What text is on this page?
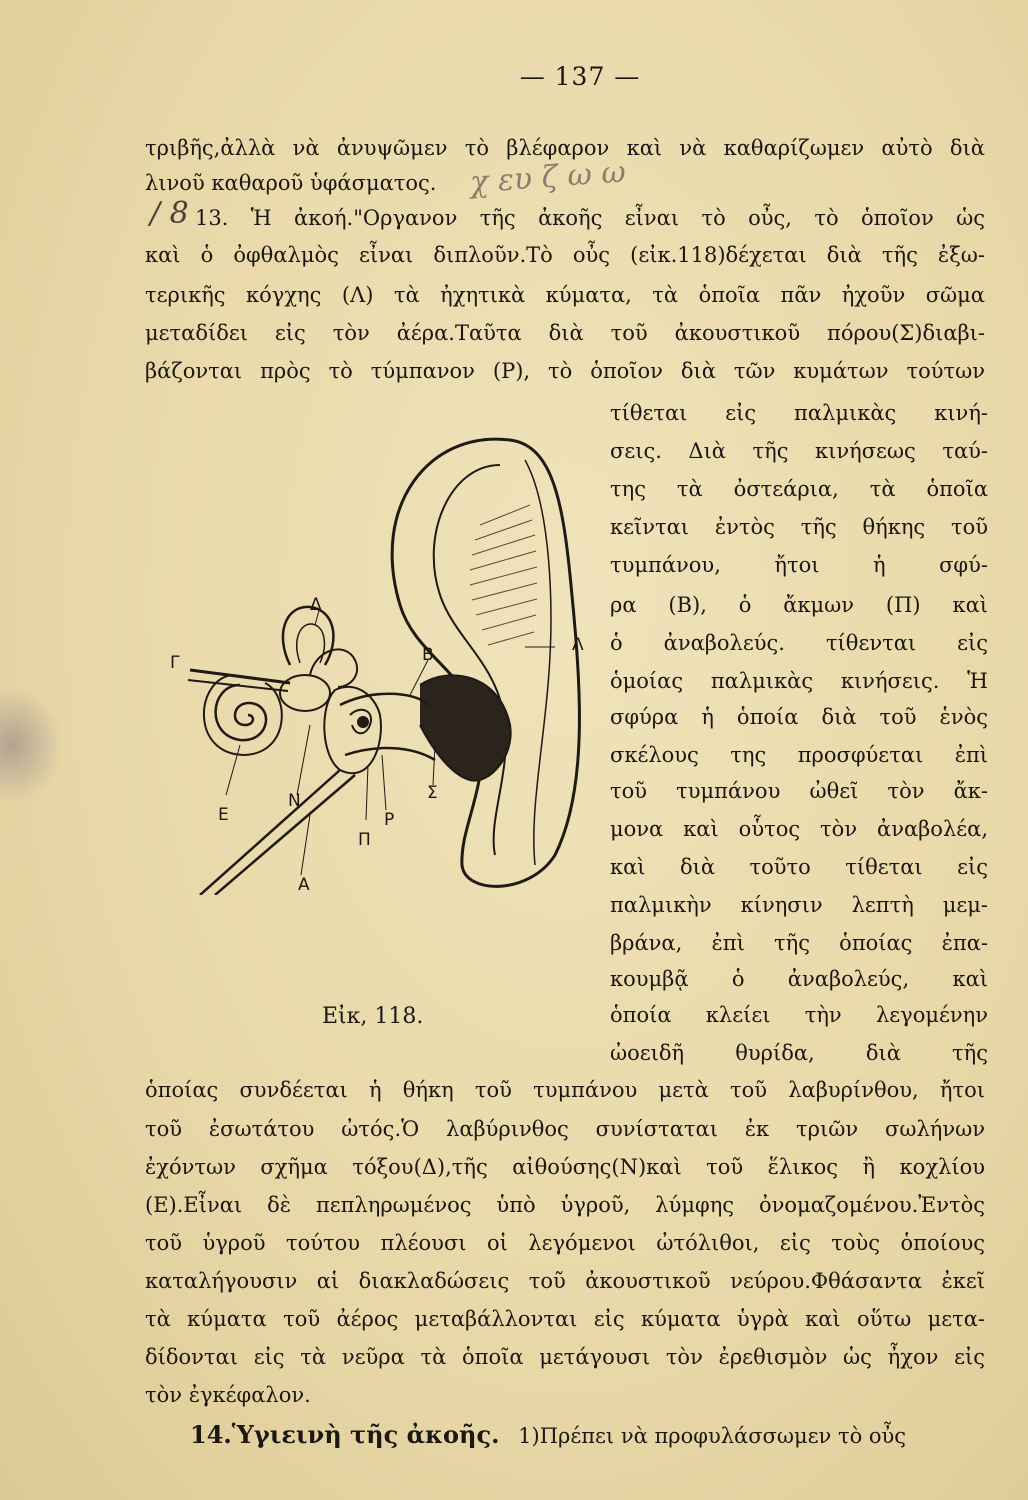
— 137 —
/ 8
χ ευ ζ ω ω
τριβῆς,ἀλλὰ νὰ ἀνυψῶμεν τὸ βλέφαρον καὶ νὰ καθαρίζωμεν αὐτὸ διὰ
λινοῦ καθαροῦ ὑφάσματος.
13. Ἡ ἀκοή."Οργανον τῆς ἀκοῆς εἶναι τὸ οὖς, τὸ ὁποῖον ὡς
καὶ ὁ ὀφθαλμὸς εἶναι διπλοῦν.Τὸ οὖς (εἰκ.118)δέχεται διὰ τῆς ἐξω-
τερικῆς κόγχης (Λ) τὰ ἠχητικὰ κύματα, τὰ ὁποῖα πᾶν ἠχοῦν σῶμα
μεταδίδει εἰς τὸν ἀέρα.Ταῦτα διὰ τοῦ ἀκουστικοῦ πόρου(Σ)διαβι-
βάζονται πρὸς τὸ τύμπανον (Ρ), τὸ ὁποῖον διὰ τῶν κυμάτων τούτων
τίθεται εἰς παλμικὰς κινή-
σεις. Διὰ τῆς κινήσεως ταύ-
της τὰ ὀστεάρια, τὰ ὁποῖα
κεῖνται ἐντὸς τῆς θήκης τοῦ
τυμπάνου, ἤτοι ἡ σφύ-
ρα (Β), ὁ ἄκμων (Π) καὶ
ὁ ἀναβολεύς. τίθενται εἰς
ὁμοίας παλμικὰς κινήσεις. Ἡ
σφύρα ἡ ὁποία διὰ τοῦ ἑνὸς
σκέλους της προσφύεται ἐπὶ
τοῦ τυμπάνου ὠθεῖ τὸν ἄκ-
μονα καὶ οὗτος τὸν ἀναβολέα,
καὶ διὰ τοῦτο τίθεται εἰς
παλμικὴν κίνησιν λεπτὴ μεμ-
βράνα, ἐπὶ τῆς ὁποίας ἐπα-
κουμβᾷ ὁ ἀναβολεύς, καὶ
ὁποία κλείει τὴν λεγομένην
ὠοειδῆ θυρίδα, διὰ τῆς
Δ
Γ	Β	Λ
Ν
Ε
Π
Ρ
Σ
Α
Εἰκ, 118.
ὁποίας συνδέεται ἡ θήκη τοῦ τυμπάνου μετὰ τοῦ λαβυρίνθου, ἤτοι
τοῦ ἐσωτάτου ὠτός.Ὁ λαβύρινθος συνίσταται ἐκ τριῶν σωλήνων
ἐχόντων σχῆμα τόξου(Δ),τῆς αἰθούσης(Ν)καὶ τοῦ ἕλικος ἢ κοχλίου
(Ε).Εἶναι δὲ πεπληρωμένος ὑπὸ ὑγροῦ, λύμφης ὀνομαζομένου.Ἐντὸς
τοῦ ὑγροῦ τούτου πλέουσι οἱ λεγόμενοι ὠτόλιθοι, εἰς τοὺς ὁποίους
καταλήγουσιν αἱ διακλαδώσεις τοῦ ἀκουστικοῦ νεύρου.Φθάσαντα ἐκεῖ
τὰ κύματα τοῦ ἀέρος μεταβάλλονται εἰς κύματα ὑγρὰ καὶ οὕτω μετα-
δίδονται εἰς τὰ νεῦρα τὰ ὁποῖα μετάγουσι τὸν ἐρεθισμὸν ὡς ἦχον εἰς
τὸν ἐγκέφαλον.
14.Ὑγιεινὴ τῆς ἀκοῆς. 1)Πρέπει νὰ προφυλάσσωμεν τὸ οὖς
